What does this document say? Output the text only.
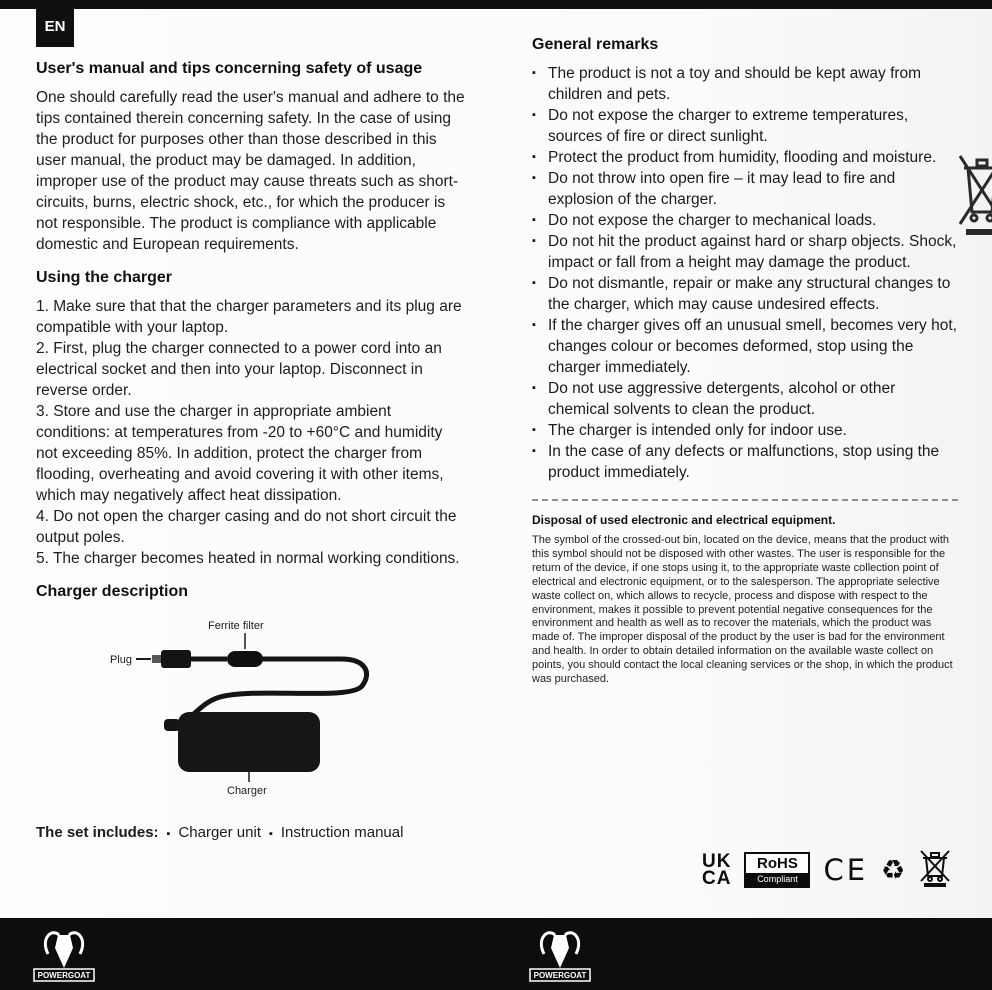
EN
User's manual and tips concerning safety of usage

One should carefully read the user's manual and adhere to the tips contained therein concerning safety. In the case of using the product for purposes other than those described in this user manual, the product may be damaged. In addition, improper use of the product may cause threats such as short-circuits, burns, electric shock, etc., for which the producer is not responsible. The product is compliance with applicable domestic and European requirements.

Using the charger

1. Make sure that that the charger parameters and its plug are compatible with your laptop.

2. First, plug the charger connected to a power cord into an electrical socket and then into your laptop. Disconnect in reverse order.

3. Store and use the charger in appropriate ambient conditions: at temperatures from -20 to +60°C and humidity not exceeding 85%. In addition, protect the charger from flooding, overheating and avoid covering it with other items, which may negatively affect heat dissipation.

4. Do not open the charger casing and do not short circuit the output poles.

5. The charger becomes heated in normal working conditions.

Charger description
Ferrite filter
Plug
Charger
The set includes: ▪ Charger unit ▪ Instruction manual
General remarks
▪ The product is not a toy and should be kept away from children and pets.
▪ Do not expose the charger to extreme temperatures, sources of fire or direct sunlight.
▪ Protect the product from humidity, flooding and moisture.
▪ Do not throw into open fire – it may lead to fire and explosion of the charger.
▪ Do not expose the charger to mechanical loads.
▪ Do not hit the product against hard or sharp objects. Shock, impact or fall from a height may damage the product.
▪ Do not dismantle, repair or make any structural changes to the charger, which may cause undesired effects.
▪ If the charger gives off an unusual smell, becomes very hot, changes colour or becomes deformed, stop using the charger immediately.
▪ Do not use aggressive detergents, alcohol or other chemical solvents to clean the product.
▪ The charger is intended only for indoor use.
▪ In the case of any defects or malfunctions, stop using the product immediately.
Disposal of used electronic and electrical equipment.
The symbol of the crossed-out bin, located on the device, means that the product with this symbol should not be disposed with other wastes. The user is responsible for the return of the device, if one stops using it, to the appropriate waste collection point of electrical and electronic equipment, or to the salesperson. The appropriate selective waste collect on, which allows to recycle, process and dispose with respect to the environment, makes it possible to prevent potential negative consequences for the environment and health as well as to recover the materials, which the product was made of. The improper disposal of the product by the user is bad for the environment and health. In order to obtain detailed information on the available waste collect on points, you should contact the local cleaning services or the shop, in which the product was purchased.
UK
CA
RoHS
Compliant CE ♻
POWERGOAT	POWERGOAT
